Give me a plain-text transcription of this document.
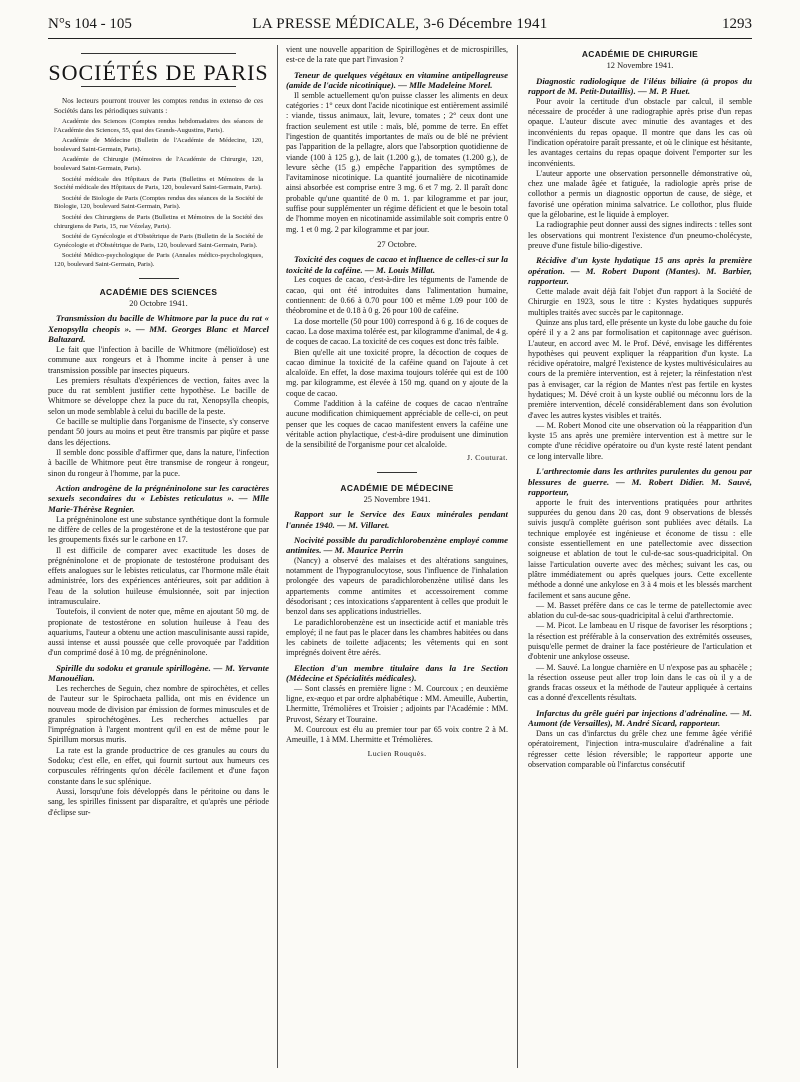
N°s 104 - 105	LA PRESSE MÉDICALE, 3-6 Décembre 1941	1293
SOCIÉTÉS DE PARIS

Nos lecteurs pourront trouver les comptes rendus in extenso de ces Sociétés dans les périodiques suivants :

Académie des Sciences (Comptes rendus hebdomadaires des séances de l'Académie des Sciences, 55, quai des Grands-Augustins, Paris).

Académie de Médecine (Bulletin de l'Académie de Médecine, 120, boulevard Saint-Germain, Paris).

Académie de Chirurgie (Mémoires de l'Académie de Chirurgie, 120, boulevard Saint-Germain, Paris).

Société médicale des Hôpitaux de Paris (Bulletins et Mémoires de la Société médicale des Hôpitaux de Paris, 120, boulevard Saint-Germain, Paris).

Société de Biologie de Paris (Comptes rendus des séances de la Société de Biologie, 120, boulevard Saint-Germain, Paris).

Société des Chirurgiens de Paris (Bulletins et Mémoires de la Société des chirurgiens de Paris, 15, rue Vézelay, Paris).

Société de Gynécologie et d'Obstétrique de Paris (Bulletin de la Société de Gynécologie et d'Obstétrique de Paris, 120, boulevard Saint-Germain, Paris).

Société Médico-psychologique de Paris (Annales médico-psychologiques, 120, boulevard Saint-Germain, Paris).

ACADÉMIE DES SCIENCES
20 Octobre 1941.

Transmission du bacille de Whitmore par la puce du rat « Xenopsylla cheopis ». — MM. Georges Blanc et Marcel Baltazard.

Le fait que l'infection à bacille de Whitmore (mélioïdose) est commune aux rongeurs et à l'homme incite à penser à une transmission possible par insectes piqueurs.

Les premiers résultats d'expériences de vection, faites avec la puce du rat semblent justifier cette hypothèse. Le bacille de Whitmore se développe chez la puce du rat, Xenopsylla cheopis, selon un mode semblable à celui du bacille de la peste.

Ce bacille se multiplie dans l'organisme de l'insecte, s'y conserve pendant 50 jours au moins et peut être transmis par piqûre et passe dans les déjections.

Il semble donc possible d'affirmer que, dans la nature, l'infection à bacille de Whitmore peut être transmise de rongeur à rongeur, sinon du rongeur à l'homme, par la puce.

Action androgène de la prégnéninolone sur les caractères sexuels secondaires du « Lebistes reticulatus ». — Mlle Marie-Thérèse Regnier.

La prégnéninolone est une substance synthétique dont la formule ne diffère de celles de la progestérone et de la testostérone que par les groupements fixés sur le carbone en 17.

Il est difficile de comparer avec exactitude les doses de prégnéninolone et de propionate de testostérone produisant des effets analogues sur le lebistes reticulatus, car l'hormone mâle était administrée, lors des expériences antérieures, soit par addition à l'eau de la solution huileuse émulsionnée, soit par injection intramusculaire.

Toutefois, il convient de noter que, même en ajoutant 50 mg. de propionate de testostérone en solution huileuse à l'eau des aquariums, l'auteur a obtenu une action masculinisante aussi rapide, aussi intense et aussi poussée que celle provoquée par l'addition d'un comprimé dosé à 10 mg. de prégnéninolone.

Spirille du sodoku et granule spirillogène. — M. Yervante Manouélian.

Les recherches de Seguin, chez nombre de spirochètes, et celles de l'auteur sur le Spirochaeta pallida, ont mis en évidence un nouveau mode de division par émission de formes minuscules et de granules spirochétogènes. Les recherches actuelles par l'imprégnation à l'argent montrent qu'il en est de même pour le Spirillum morsus muris.

La rate est la grande productrice de ces granules au cours du Sodoku; c'est elle, en effet, qui fournit surtout aux humeurs ces corpuscules réfringents qu'on décèle facilement et d'une façon constante dans le suc splénique.

Aussi, lorsqu'une fois développés dans le péritoine ou dans le sang, les spirilles finissent par disparaître, et qu'après une période d'éclipse sur-

vient une nouvelle apparition de Spirillogènes et de microspirilles, est-ce de la rate que part l'invasion ?

Teneur de quelques végétaux en vitamine antipellagreuse (amide de l'acide nicotinique). — Mlle Madeleine Morel.

Il semble actuellement qu'on puisse classer les aliments en deux catégories : 1° ceux dont l'acide nicotinique est entièrement assimilé : viande, tissus animaux, lait, levure, tomates ; 2° ceux dont une fraction seulement est utile : maïs, blé, pomme de terre. En effet l'ingestion de quantités importantes de maïs ou de blé ne prévient pas l'apparition de la pellagre, alors que l'absorption quotidienne de viande (100 à 125 g.), de lait (1.200 g.), de tomates (1.200 g.), de levure sèche (15 g.) empêche l'apparition des symptômes de l'avitaminose nicotinique. La quantité journalière de nicotinamide ainsi absorbée est comprise entre 3 mg. 6 et 7 mg. 2. Il paraît donc probable qu'une quantité de 0 m. 1. par kilogramme et par jour, suffise pour supplémenter un régime déficient et que le besoin total de l'homme moyen en nicotinamide assimilable soit compris entre 0 mg. 1 et 0 mg. 2 par kilogramme et par jour.

27 Octobre.

Toxicité des coques de cacao et influence de celles-ci sur la toxicité de la caféine. — M. Louis Millat.

Les coques de cacao, c'est-à-dire les téguments de l'amende de cacao, qui ont été introduites dans l'alimentation humaine, contiennent: de 0.66 à 0.70 pour 100 et même 1.09 pour 100 de théobromine et de 0.18 à 0 g. 26 pour 100 de caféine.

La dose mortelle (50 pour 100) correspond à 6 g. 16 de coques de cacao. La dose maxima tolérée est, par kilogramme d'animal, de 4 g. de coques de cacao. La toxicité de ces coques est donc très faible.

Bien qu'elle ait une toxicité propre, la décoction de coques de cacao diminue la toxicité de la caféine quand on l'ajoute à cet alcaloïde. En effet, la dose maxima toujours tolérée qui est de 100 mg. par kilogramme, est élevée à 150 mg. quand on y ajoute de la coque de cacao.

Comme l'addition à la caféine de coques de cacao n'entraîne aucune modification chimiquement appréciable de celle-ci, on peut penser que les coques de cacao manifestent envers la caféine une véritable action phylactique, c'est-à-dire produisent une diminution de la sensibilité de l'organisme pour cet alcaloïde.

J. Couturat.
ACADÉMIE DE MÉDECINE
25 Novembre 1941.

Rapport sur le Service des Eaux minérales pendant l'année 1940. — M. Villaret.

Nocivité possible du paradichlorobenzène employé comme antimites. — M. Maurice Perrin

(Nancy) a observé des malaises et des altérations sanguines, notamment de l'hypogranulocytose, sous l'influence de l'inhalation prolongée des vapeurs de paradichlorobenzène utilisé dans les appartements comme antimites et accessoirement comme désodorisant ; ces intoxications s'apparentent à celles que produit le benzol dans ses applications industrielles.

Le paradichlorobenzène est un insecticide actif et maniable très employé; il ne faut pas le placer dans les chambres habitées ou dans les cabinets de toilette adjacents; les vêtements qui en sont imprégnés doivent être aérés.

Election d'un membre titulaire dans la 1re Section (Médecine et Spécialités médicales).

— Sont classés en première ligne : M. Courcoux ; en deuxième ligne, ex-æquo et par ordre alphabétique : MM. Ameuille, Aubertin, Lhermitte, Trémolières et Troisier ; adjoints par l'Académie : MM. Pruvost, Sézary et Touraine.

M. Courcoux est élu au premier tour par 65 voix contre 2 à M. Ameuille, 1 à MM. Lhermitte et Trémolières.

Lucien Rouquès.
ACADÉMIE DE CHIRURGIE
12 Novembre 1941.

Diagnostic radiologique de l'iléus biliaire (à propos du rapport de M. Petit-Dutaillis). — M. P. Huet.

Pour avoir la certitude d'un obstacle par calcul, il semble nécessaire de procéder à une radiographie après prise d'un repas opaque. L'auteur discute avec minutie des avantages et des inconvénients du repas opaque. Il montre que dans les cas où l'indication opératoire paraît pressante, et où le clinique est hésitante, les avantages certains du repas opaque doivent l'emporter sur les inconvénients.

L'auteur apporte une observation personnelle démonstrative où, chez une malade âgée et fatiguée, la radiologie après prise de collothor a permis un diagnostic opportun de cause, de siège, et favorisé une opération minima salvatrice. Le collothor, plus fluide que la gélobarine, est le liquide à employer.

La radiographie peut donner aussi des signes indirects : telles sont les observations qui montrent l'existence d'un pneumo-cholécyste, preuve d'une fistule bilio-digestive.

Récidive d'un kyste hydatique 15 ans après la première opération. — M. Robert Dupont (Mantes). M. Barbier, rapporteur.

Cette malade avait déjà fait l'objet d'un rapport à la Société de Chirurgie en 1923, sous le titre : Kystes hydatiques suppurés multiples traités avec succès par le capitonnage.

Quinze ans plus tard, elle présente un kyste du lobe gauche du foie opéré il y a 2 ans par formolisation et capitonnage avec guérison. L'auteur, en accord avec M. le Prof. Dévé, envisage les différentes hypothèses qui peuvent expliquer la réapparition d'un kyste. La récidive opératoire, malgré l'existence de kystes multivésiculaires au cours de la première intervention, est à rejeter; la réinfestation n'est pas à envisager, car la région de Mantes n'est pas fertile en kystes hydatiques; M. Dévé croit à un kyste oublié ou méconnu lors de la première intervention, décelé considérablement dans son évolution d'avec les autres kystes visibles et traités.

— M. Robert Monod cite une observation où la réapparition d'un kyste 15 ans après une première intervention est à mettre sur le compte d'une récidive opératoire ou d'un kyste resté latent pendant ce long intervalle libre.

L'arthrectomie dans les arthrites purulentes du genou par blessures de guerre. — M. Robert Didier. M. Sauvé, rapporteur,

apporte le fruit des interventions pratiquées pour arthrites suppurées du genou dans 20 cas, dont 9 observations de blessés suivis jusqu'à complète guérison sont publiées avec détails. La technique employée est ingénieuse et économe de tissu : elle consiste essentiellement en une patellectomie avec dissection soigneuse et ablation de tout le cul-de-sac sous-quadricipital. On laisse l'articulation ouverte avec des mèches; suivant les cas, ou plâtre immédiatement ou après quelques jours. Cette excellente méthode a donné une ankylose en 3 à 4 mois et les blessés marchent facilement et sans aucune gêne.

— M. Basset préfère dans ce cas le terme de patellectomie avec ablation du cul-de-sac sous-quadricipital à celui d'arthrectomie.

— M. Picot. Le lambeau en U risque de favoriser les résorptions ; la résection est préférable à la conservation des extrémités osseuses, puisqu'elle permet de drainer la face postérieure de l'articulation et d'obtenir une ankylose osseuse.

— M. Sauvé. La longue charnière en U n'expose pas au sphacèle ; la résection osseuse peut aller trop loin dans le cas où il y a de grands fracas osseux et la méthode de l'auteur appliquée à certains cas a donné d'excellents résultats.

Infarctus du grêle guéri par injections d'adrénaline. — M. Aumont (de Versailles), M. André Sicard, rapporteur.

Dans un cas d'infarctus du grêle chez une femme âgée vérifié opératoirement, l'injection intra-musculaire d'adrénaline a fait régresser cette lésion réversible; le rapporteur apporte une observation comparable où l'infarctus consécutif
